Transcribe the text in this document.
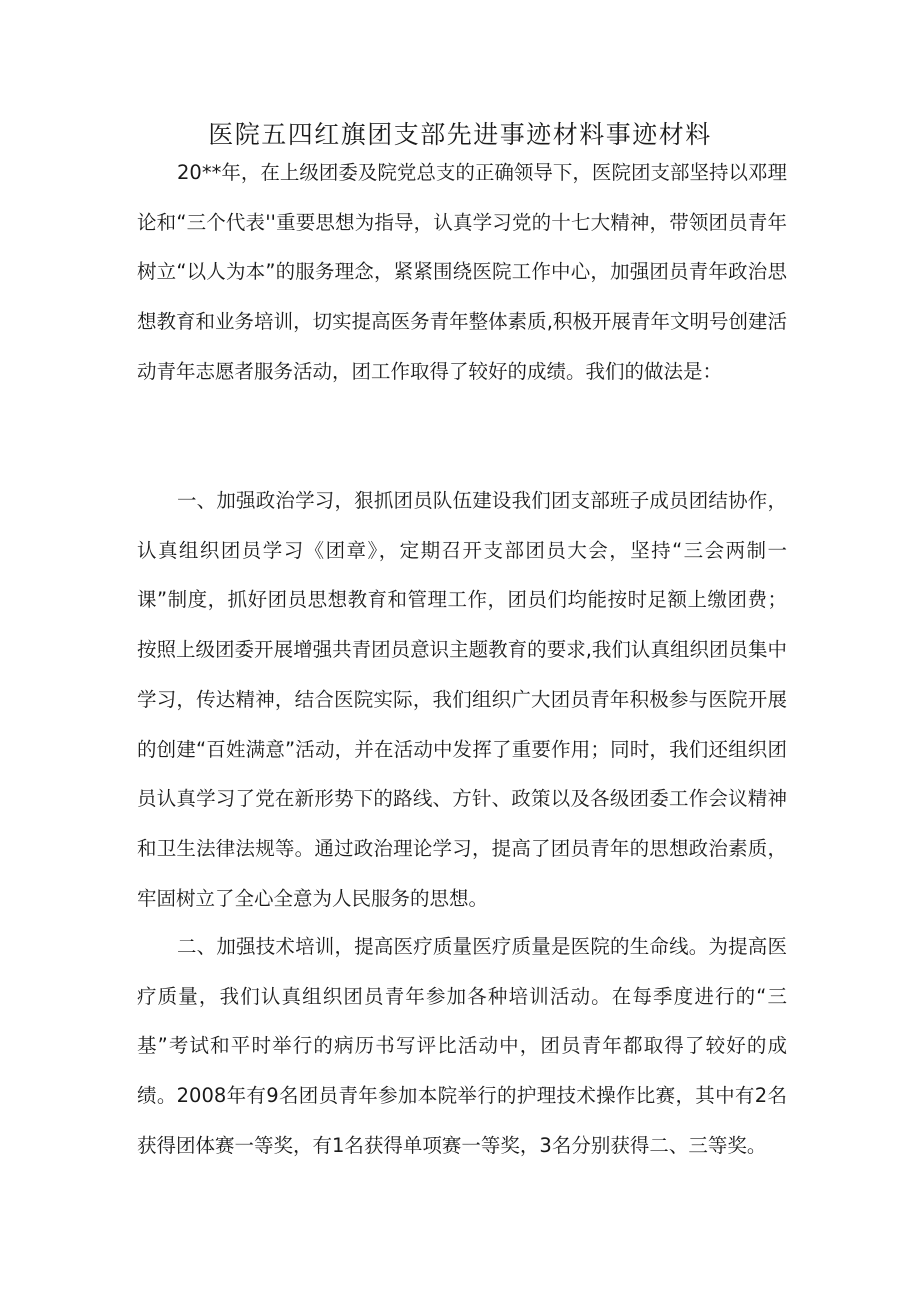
医院五四红旗团支部先进事迹材料事迹材料

20**年，在上级团委及院党总支的正确领导下，医院团支部坚持以邓理论和“三个代表''重要思想为指导，认真学习党的十七大精神，带领团员青年树立“以人为本”的服务理念，紧紧围绕医院工作中心，加强团员青年政治思想教育和业务培训，切实提高医务青年整体素质,积极开展青年文明号创建活动青年志愿者服务活动，团工作取得了较好的成绩。我们的做法是：

一、加强政治学习，狠抓团员队伍建设我们团支部班子成员团结协作，认真组织团员学习《团章》，定期召开支部团员大会，坚持“三会两制一课”制度，抓好团员思想教育和管理工作，团员们均能按时足额上缴团费；按照上级团委开展增强共青团员意识主题教育的要求,我们认真组织团员集中学习，传达精神，结合医院实际，我们组织广大团员青年积极参与医院开展的创建“百姓满意”活动，并在活动中发挥了重要作用；同时，我们还组织团员认真学习了党在新形势下的路线、方针、政策以及各级团委工作会议精神和卫生法律法规等。通过政治理论学习，提高了团员青年的思想政治素质，牢固树立了全心全意为人民服务的思想。

二、加强技术培训，提高医疗质量医疗质量是医院的生命线。为提高医疗质量，我们认真组织团员青年参加各种培训活动。在每季度进行的“三基”考试和平时举行的病历书写评比活动中，团员青年都取得了较好的成绩。2008年有9名团员青年参加本院举行的护理技术操作比赛，其中有2名获得团体赛一等奖，有1名获得单项赛一等奖，3名分别获得二、三等奖。
